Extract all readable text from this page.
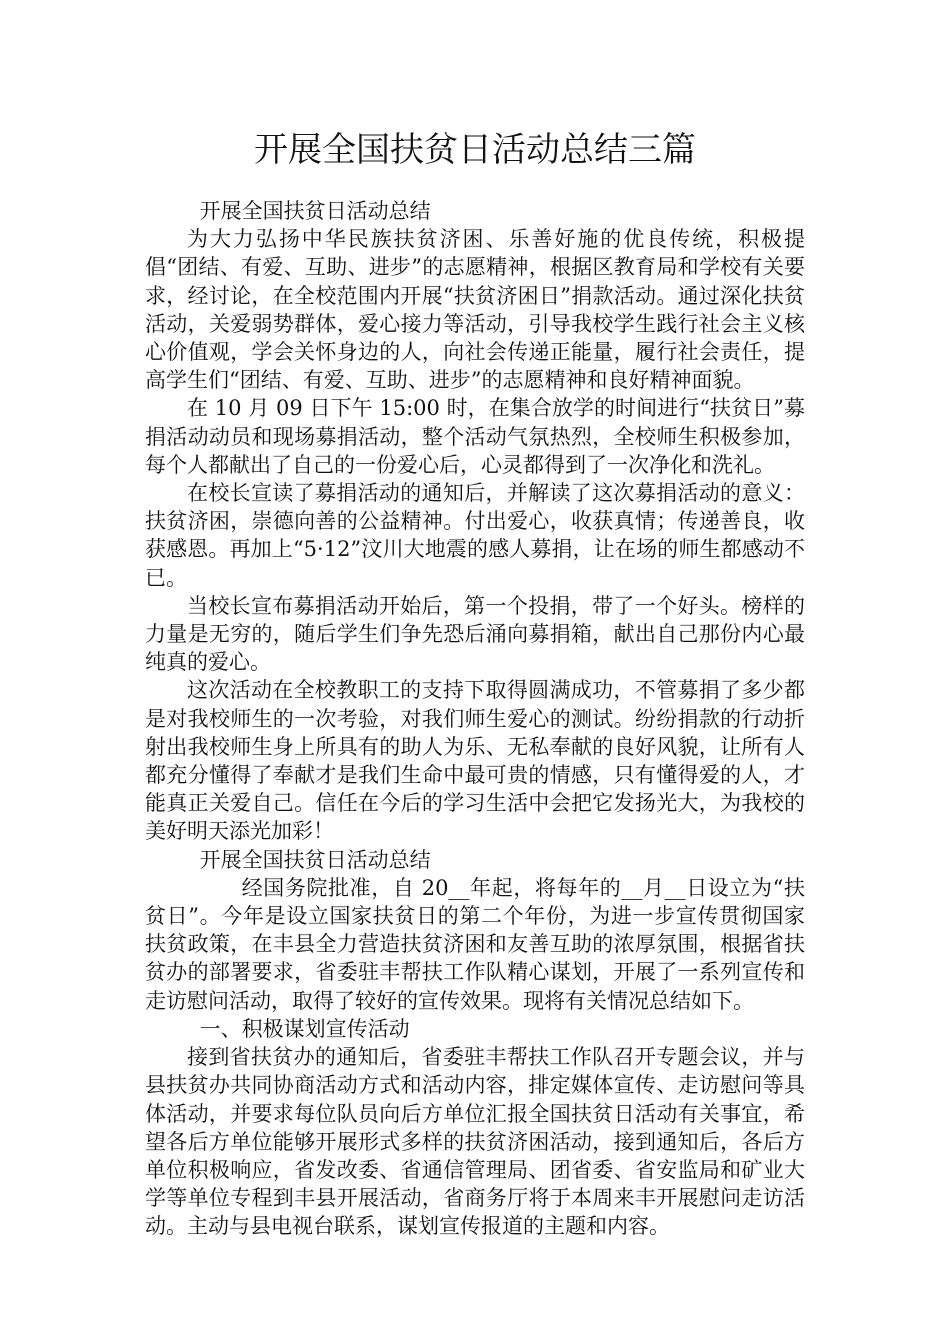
开展全国扶贫日活动总结三篇

开展全国扶贫日活动总结

为大力弘扬中华民族扶贫济困、乐善好施的优良传统，积极提倡“团结、有爱、互助、进步”的志愿精神，根据区教育局和学校有关要求，经讨论，在全校范围内开展“扶贫济困日”捐款活动。通过深化扶贫活动，关爱弱势群体，爱心接力等活动，引导我校学生践行社会主义核心价值观，学会关怀身边的人，向社会传递正能量，履行社会责任，提高学生们“团结、有爱、互助、进步”的志愿精神和良好精神面貌。

在 10 月 09 日下午 15:00 时，在集合放学的时间进行“扶贫日”募捐活动动员和现场募捐活动，整个活动气氛热烈，全校师生积极参加，每个人都献出了自己的一份爱心后，心灵都得到了一次净化和洗礼。

在校长宣读了募捐活动的通知后，并解读了这次募捐活动的意义：扶贫济困，崇德向善的公益精神。付出爱心，收获真情；传递善良，收获感恩。再加上“5·12”汶川大地震的感人募捐，让在场的师生都感动不已。

当校长宣布募捐活动开始后，第一个投捐，带了一个好头。榜样的力量是无穷的，随后学生们争先恐后涌向募捐箱，献出自己那份内心最纯真的爱心。

这次活动在全校教职工的支持下取得圆满成功，不管募捐了多少都是对我校师生的一次考验，对我们师生爱心的测试。纷纷捐款的行动折射出我校师生身上所具有的助人为乐、无私奉献的良好风貌，让所有人都充分懂得了奉献才是我们生命中最可贵的情感，只有懂得爱的人，才能真正关爱自己。信任在今后的学习生活中会把它发扬光大，为我校的美好明天添光加彩！

开展全国扶贫日活动总结

经国务院批准，自 20__年起，将每年的__月__日设立为“扶贫日”。今年是设立国家扶贫日的第二个年份，为进一步宣传贯彻国家扶贫政策，在丰县全力营造扶贫济困和友善互助的浓厚氛围，根据省扶贫办的部署要求，省委驻丰帮扶工作队精心谋划，开展了一系列宣传和走访慰问活动，取得了较好的宣传效果。现将有关情况总结如下。

一、积极谋划宣传活动

接到省扶贫办的通知后，省委驻丰帮扶工作队召开专题会议，并与县扶贫办共同协商活动方式和活动内容，排定媒体宣传、走访慰问等具体活动，并要求每位队员向后方单位汇报全国扶贫日活动有关事宜，希望各后方单位能够开展形式多样的扶贫济困活动，接到通知后，各后方单位积极响应，省发改委、省通信管理局、团省委、省安监局和矿业大学等单位专程到丰县开展活动，省商务厅将于本周来丰开展慰问走访活动。主动与县电视台联系，谋划宣传报道的主题和内容。
